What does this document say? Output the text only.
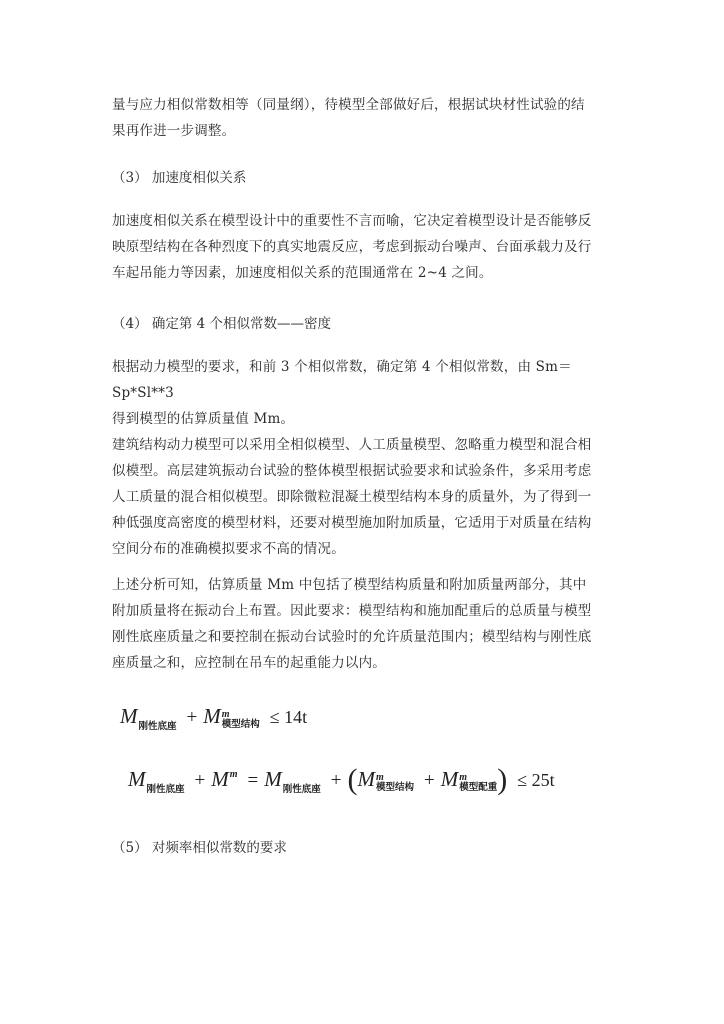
量与应力相似常数相等（同量纲），待模型全部做好后，根据试块材性试验的结
果再作进一步调整。

（3） 加速度相似关系

加速度相似关系在模型设计中的重要性不言而喻，它决定着模型设计是否能够反
映原型结构在各种烈度下的真实地震反应，考虑到振动台噪声、台面承载力及行
车起吊能力等因素，加速度相似关系的范围通常在 2~4 之间。

（4） 确定第 4 个相似常数——密度

根据动力模型的要求，和前 3 个相似常数，确定第 4 个相似常数，由 Sm＝Sp*Sl**3
得到模型的估算质量值 Mm。
建筑结构动力模型可以采用全相似模型、人工质量模型、忽略重力模型和混合相
似模型。高层建筑振动台试验的整体模型根据试验要求和试验条件，多采用考虑
人工质量的混合相似模型。即除微粒混凝土模型结构本身的质量外，为了得到一
种低强度高密度的模型材料，还要对模型施加附加质量，它适用于对质量在结构
空间分布的准确模拟要求不高的情况。

上述分析可知，估算质量 Mm 中包括了模型结构质量和附加质量两部分，其中
附加质量将在振动台上布置。因此要求：模型结构和施加配重后的总质量与模型
刚性底座质量之和要控制在振动台试验时的允许质量范围内；模型结构与刚性底
座质量之和，应控制在吊车的起重能力以内。

$M_{刚性底座} + M$ m
模型结构 ≤ 14t
$M_{刚性底座} + M^m = M_{刚性底座} + (M$ m
模型结构 + M m
模型配重 ) ≤ 25t

（5） 对频率相似常数的要求
